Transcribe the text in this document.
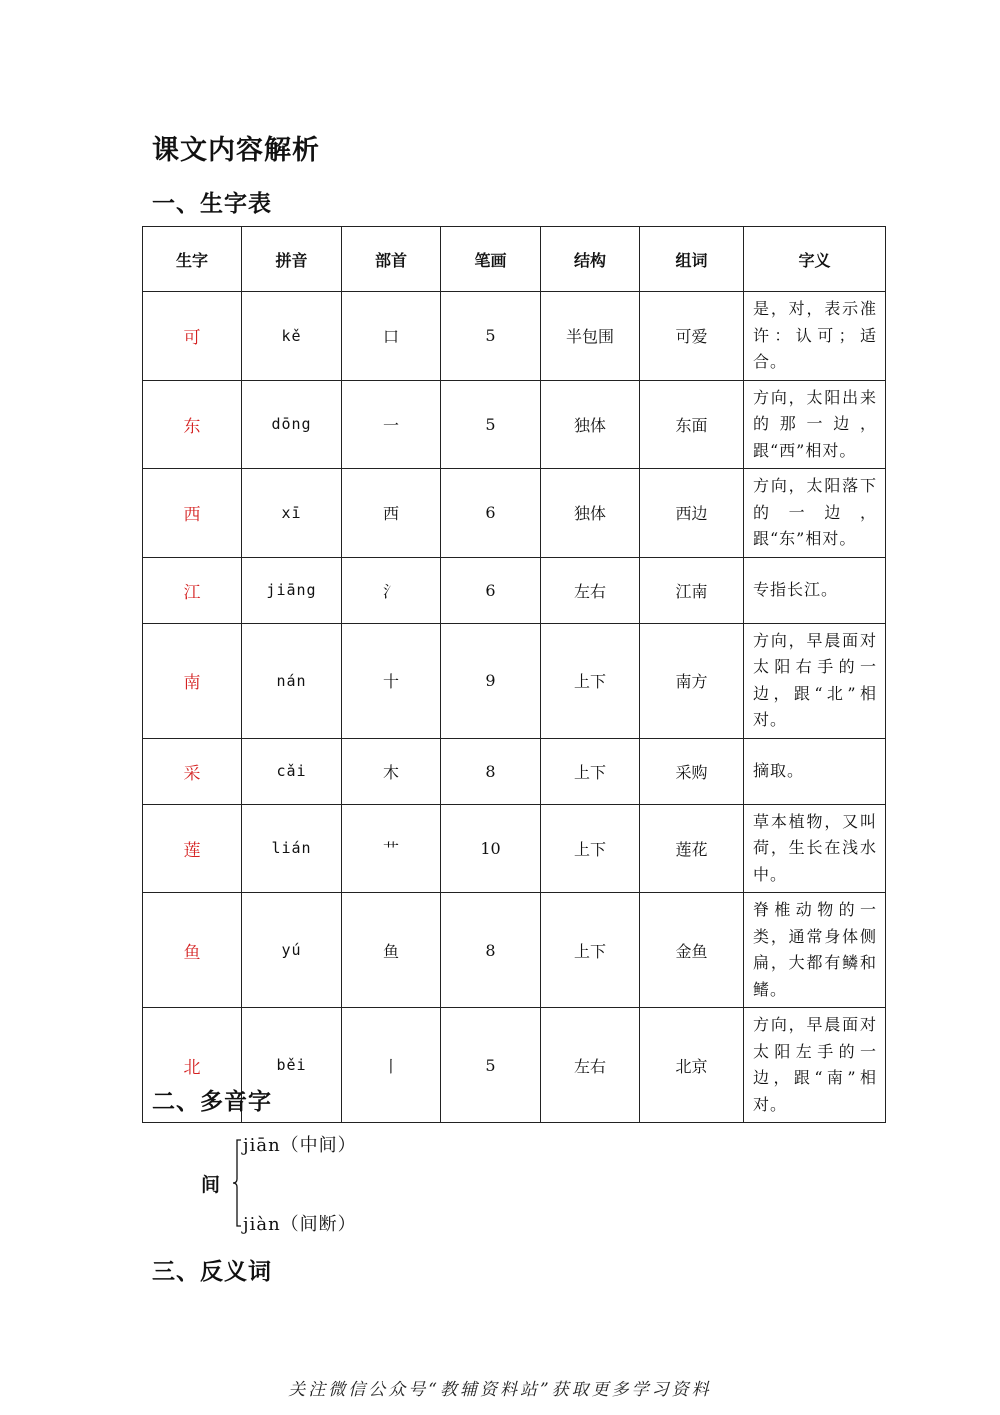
课文内容解析
一、生字表
生字	拼音	部首	笔画	结构	组词	字义
可	kě	口	5	半包围	可爱	是，对，表示准许：认可；适合。
东	dōng	一	5	独体	东面	方向，太阳出来的那一边，跟“西”相对。
西	xī	西	6	独体	西边	方向，太阳落下的一边，跟“东”相对。
江	jiāng	氵	6	左右	江南	专指长江。
南	nán	十	9	上下	南方	方向，早晨面对太阳右手的一边，跟“北”相对。
采	cǎi	木	8	上下	采购	摘取。
莲	lián	艹	10	上下	莲花	草本植物，又叫荷，生长在浅水中。
鱼	yú	鱼	8	上下	金鱼	脊椎动物的一类，通常身体侧扁，大都有鳞和鳍。
北	běi	丨	5	左右	北京	方向，早晨面对太阳左手的一边，跟“南”相对。
二、多音字
间
jiān（中间）
jiàn（间断）
三、反义词
关注微信公众号“教辅资料站”获取更多学习资料
